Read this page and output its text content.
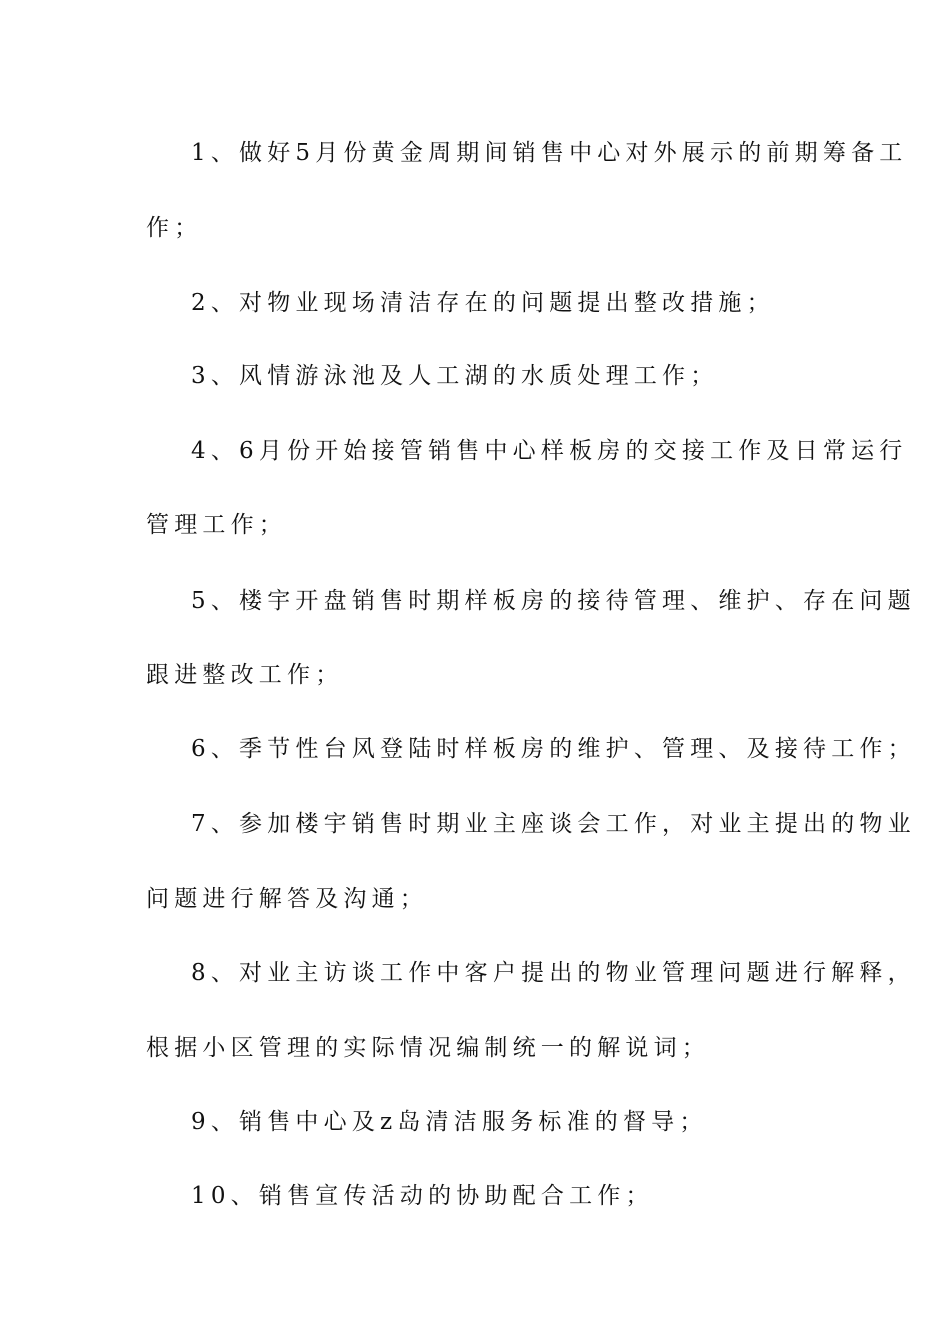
1、做好5月份黄金周期间销售中心对外展示的前期筹备工
作；
2、对物业现场清洁存在的问题提出整改措施；
3、风情游泳池及人工湖的水质处理工作；
4、6月份开始接管销售中心样板房的交接工作及日常运行
管理工作；
5、楼宇开盘销售时期样板房的接待管理、维护、存在问题
跟进整改工作；
6、季节性台风登陆时样板房的维护、管理、及接待工作；
7、参加楼宇销售时期业主座谈会工作，对业主提出的物业
问题进行解答及沟通；
8、对业主访谈工作中客户提出的物业管理问题进行解释，
根据小区管理的实际情况编制统一的解说词；
9、销售中心及z岛清洁服务标准的督导；
10、销售宣传活动的协助配合工作；
